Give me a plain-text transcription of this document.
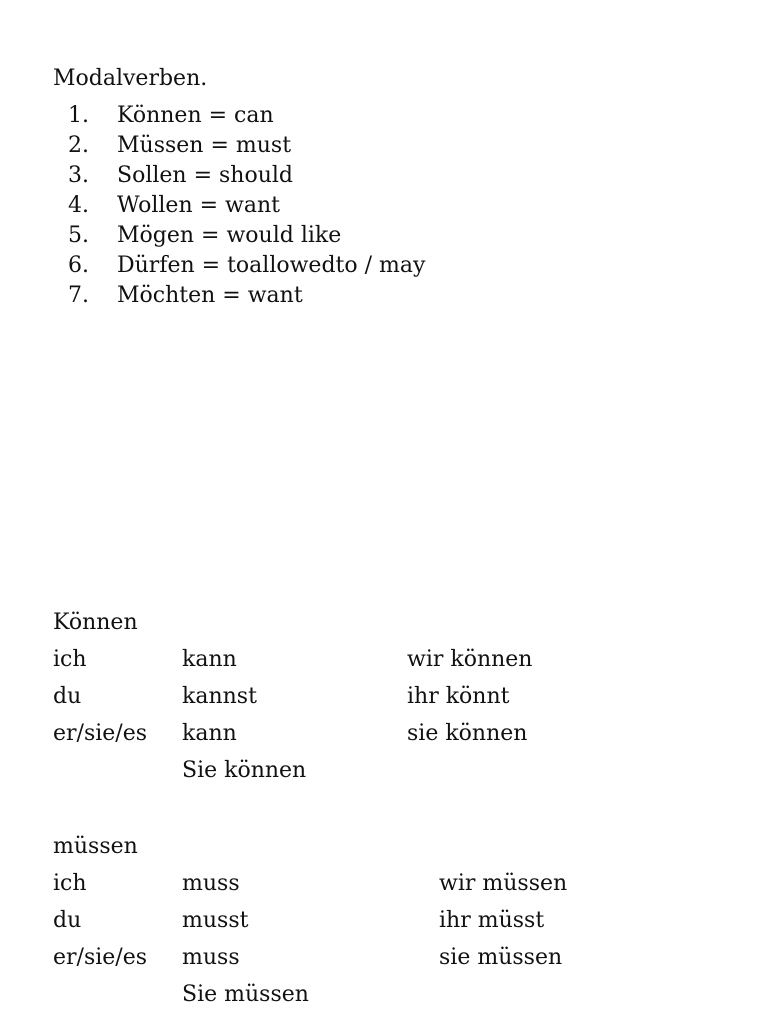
Modalverben.
1.	Können = can
2.	Müssen = must
3.	Sollen = should
4.	Wollen = want
5.	Mögen = would like
6.	Dürfen = toallowedto / may
7.	Möchten = want
Können
ich	kann	wir können
du	kannst	ihr könnt
er/sie/es kann	sie können
Sie können
müssen
ich	muss	wir müssen
du	musst	ihr müsst
er/sie/es muss	sie müssen
Sie müssen
